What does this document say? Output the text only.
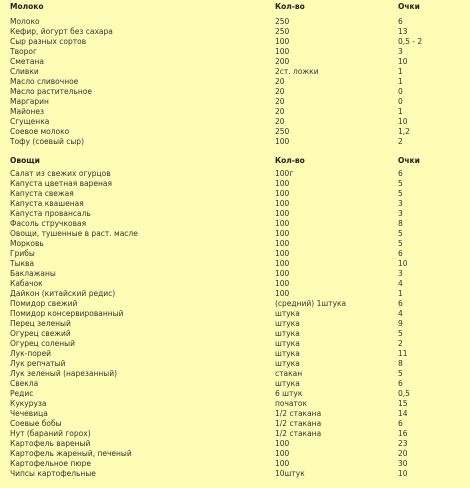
Молоко	Кол-во	Очки
Молоко	250	6
Кефир, йогурт без сахара	250	13
Сыр разных сортов	100	0,5 - 2
Творог	100	3
Сметана	200	10
Сливки	2ст. ложки	1
Масло сливочное	20	1
Масло растительное	20	0
Маргарин	20	0
Майонез	20	1
Сгущенка	20	10
Соевое молоко	250	1,2
Тофу (соевый сыр)	100	2
Овощи	Кол-во	Очки
Салат из свежих огурцов	100г	6
Капуста цветная вареная	100	5
Капуста свежая	100	5
Капуста квашеная	100	3
Капуста провансаль	100	3
Фасоль стручковая	100	8
Овощи, тушенные в раст. масле	100	5
Морковь	100	5
Грибы	100	6
Тыква	100	10
Баклажаны	100	3
Кабачок	100	4
Дайкон (китайский редис)	100	1
Помидор свежий	(средний) 1штука	6
Помидор консервированный	штука	4
Перец зеленый	штука	9
Огурец свежий	штука	5
Огурец соленый	штука	2
Лук-порей	штука	11
Лук репчатый	штука	8
Лук зеленый (нарезанный)	стакан	5
Свекла	штука	6
Редис	6 штук	0,5
Кукуруза	початок	15
Чечевица	1/2 стакана	14
Соевые бобы	1/2 стакана	6
Нут (бараний горох)	1/2 стакана	16
Картофель вареный	100	23
Картофель жареный, печеный	100	20
Картофельное пюре	100	30
Чипсы картофельные	10штук	10
